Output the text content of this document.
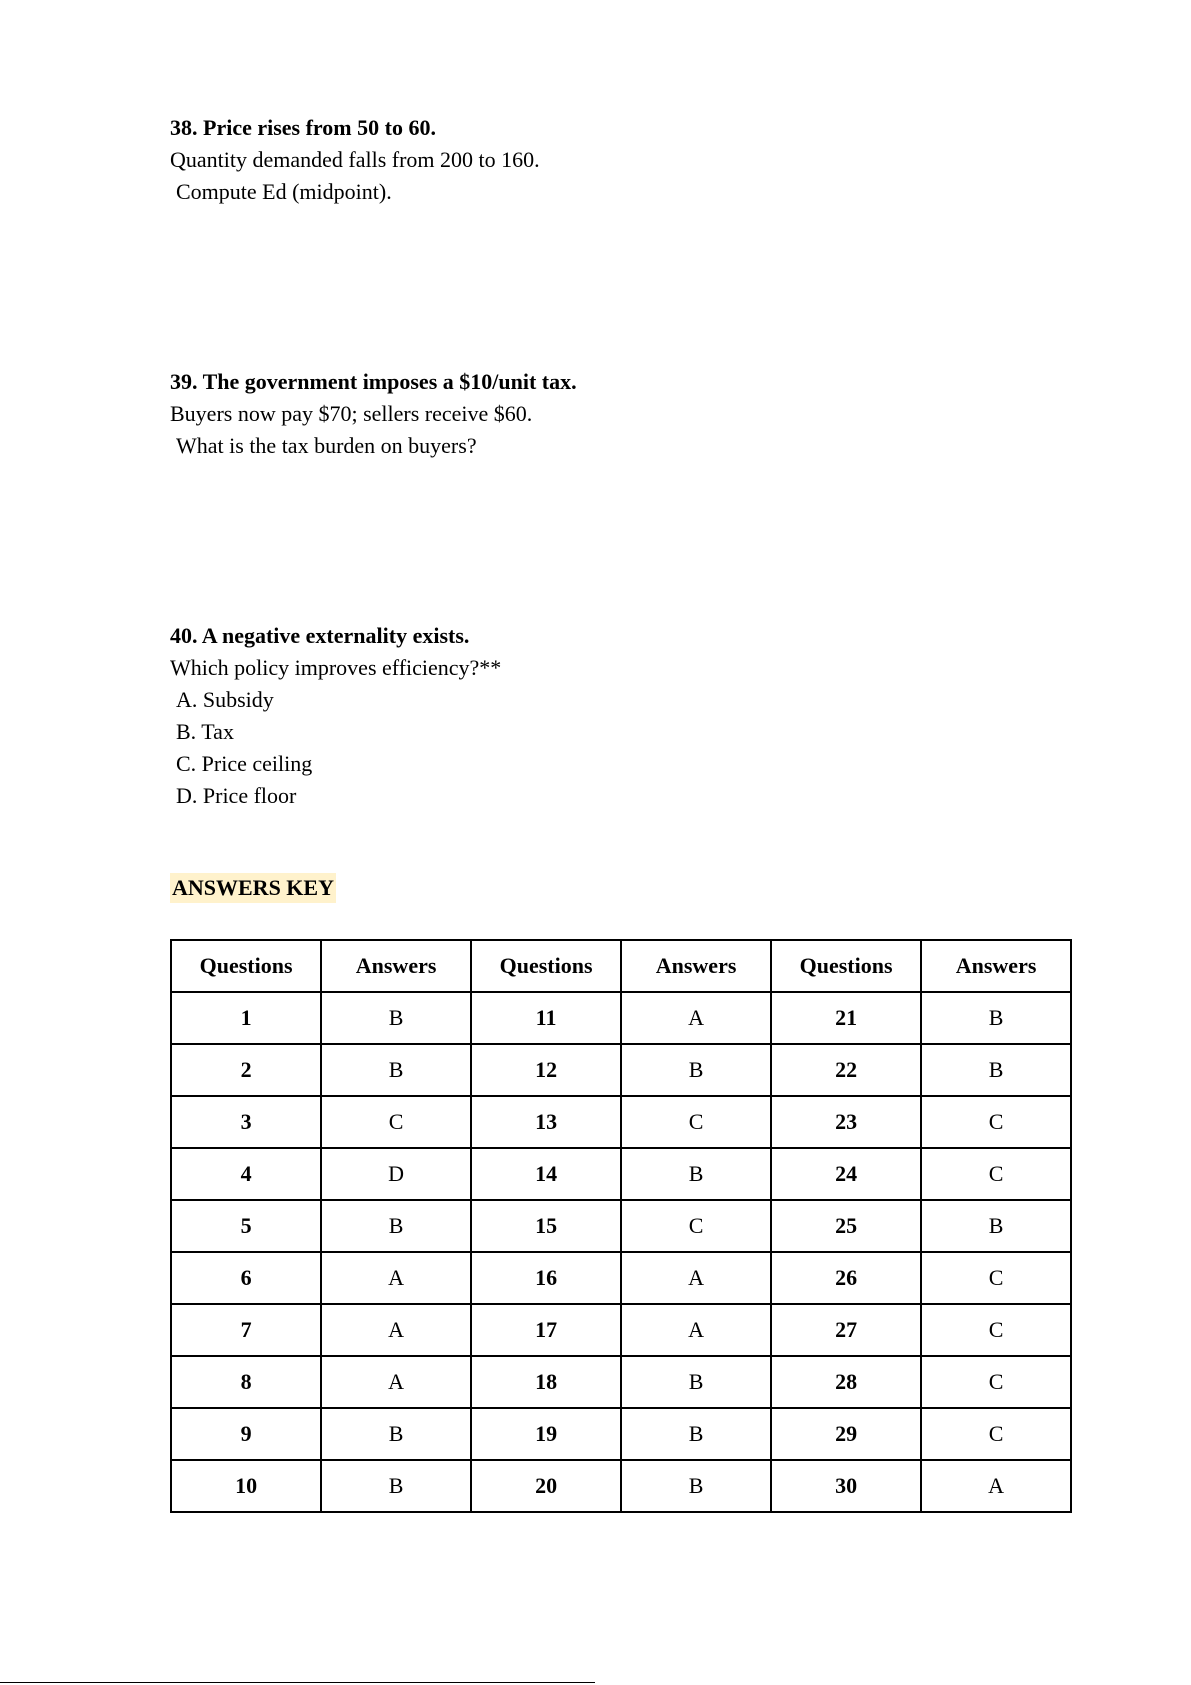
38. Price rises from 50 to 60.
Quantity demanded falls from 200 to 160.
Compute Ed (midpoint).
39. The government imposes a $10/unit tax.
Buyers now pay $70; sellers receive $60.
What is the tax burden on buyers?
40. A negative externality exists.
Which policy improves efficiency?**
A. Subsidy
B. Tax
C. Price ceiling
D. Price floor
ANSWERS KEY
Questions	Answers	Questions	Answers	Questions	Answers
1	B	11	A	21	B
2	B	12	B	22	B
3	C	13	C	23	C
4	D	14	B	24	C
5	B	15	C	25	B
6	A	16	A	26	C
7	A	17	A	27	C
8	A	18	B	28	C
9	B	19	B	29	C
10	B	20	B	30	A
